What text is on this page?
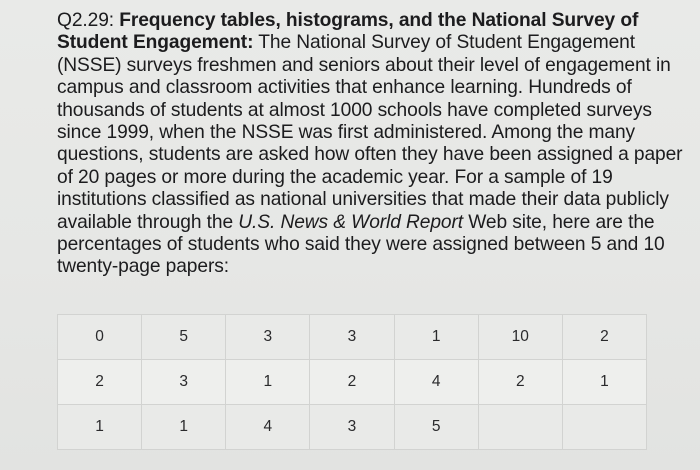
Q2.29: Frequency tables, histograms, and the National Survey of Student Engagement: The National Survey of Student Engagement (NSSE) surveys freshmen and seniors about their level of engagement in campus and classroom activities that enhance learning. Hundreds of thousands of students at almost 1000 schools have completed surveys since 1999, when the NSSE was first administered. Among the many questions, students are asked how often they have been assigned a paper of 20 pages or more during the academic year. For a sample of 19 institutions classified as national universities that made their data publicly available through the U.S. News & World Report Web site, here are the percentages of students who said they were assigned between 5 and 10 twenty-page papers:
0	5	3	3	1	10	2
2	3	1	2	4	2	1
1	1	4	3	5		
